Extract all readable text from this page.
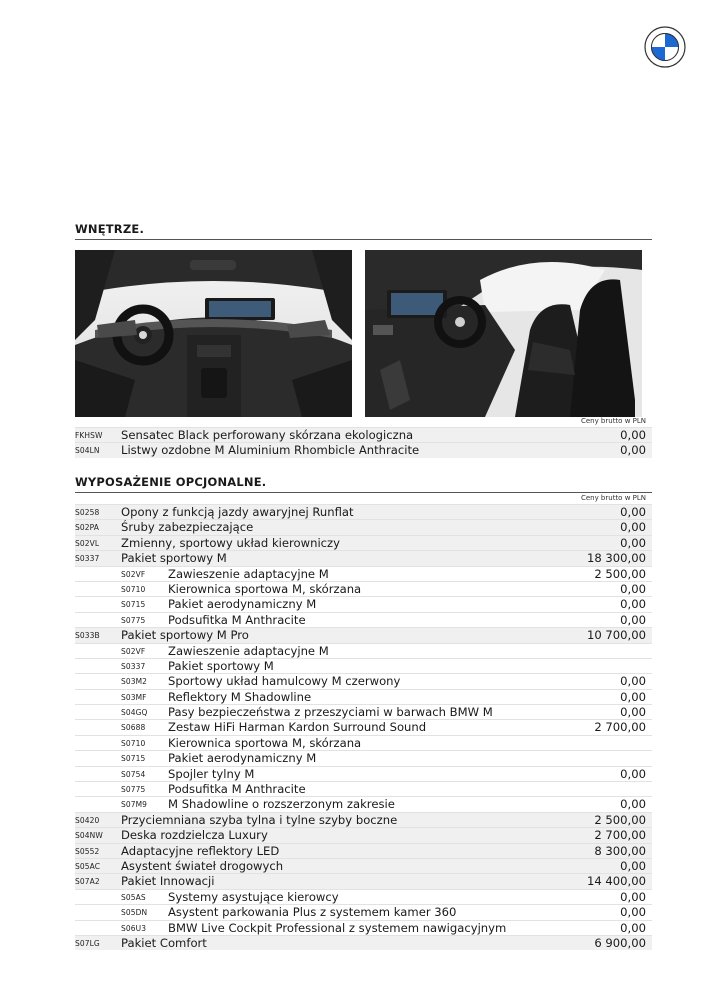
WNĘTRZE.
Ceny brutto w PLN
FKHSW Sensatec Black perforowany skórzana ekologiczna	0,00
S04LN Listwy ozdobne M Aluminium Rhombicle Anthracite	0,00
WYPOSAŻENIE OPCJONALNE.
Ceny brutto w PLN
S0258 Opony z funkcją jazdy awaryjnej Runflat	0,00
S02PA Śruby zabezpieczające	0,00
S02VL Zmienny, sportowy układ kierowniczy	0,00
S0337 Pakiet sportowy M	18 300,00
S02VF Zawieszenie adaptacyjne M	2 500,00
S0710 Kierownica sportowa M, skórzana	0,00
S0715 Pakiet aerodynamiczny M	0,00
S0775 Podsufitka M Anthracite	0,00
S033B Pakiet sportowy M Pro	10 700,00
S02VF Zawieszenie adaptacyjne M
S0337 Pakiet sportowy M
S03M2 Sportowy układ hamulcowy M czerwony	0,00
S03MF Reflektory M Shadowline	0,00
S04GQ Pasy bezpieczeństwa z przeszyciami w barwach BMW M	0,00
S0688 Zestaw HiFi Harman Kardon Surround Sound	2 700,00
S0710 Kierownica sportowa M, skórzana
S0715 Pakiet aerodynamiczny M
S0754 Spojler tylny M	0,00
S0775 Podsufitka M Anthracite
S07M9 M Shadowline o rozszerzonym zakresie	0,00
S0420 Przyciemniana szyba tylna i tylne szyby boczne	2 500,00
S04NW Deska rozdzielcza Luxury	2 700,00
S0552 Adaptacyjne reflektory LED	8 300,00
S05AC Asystent świateł drogowych	0,00
S07A2 Pakiet Innowacji	14 400,00
S05AS Systemy asystujące kierowcy	0,00
S05DN Asystent parkowania Plus z systemem kamer 360	0,00
S06U3 BMW Live Cockpit Professional z systemem nawigacyjnym	0,00
S07LG Pakiet Comfort	6 900,00
◌
